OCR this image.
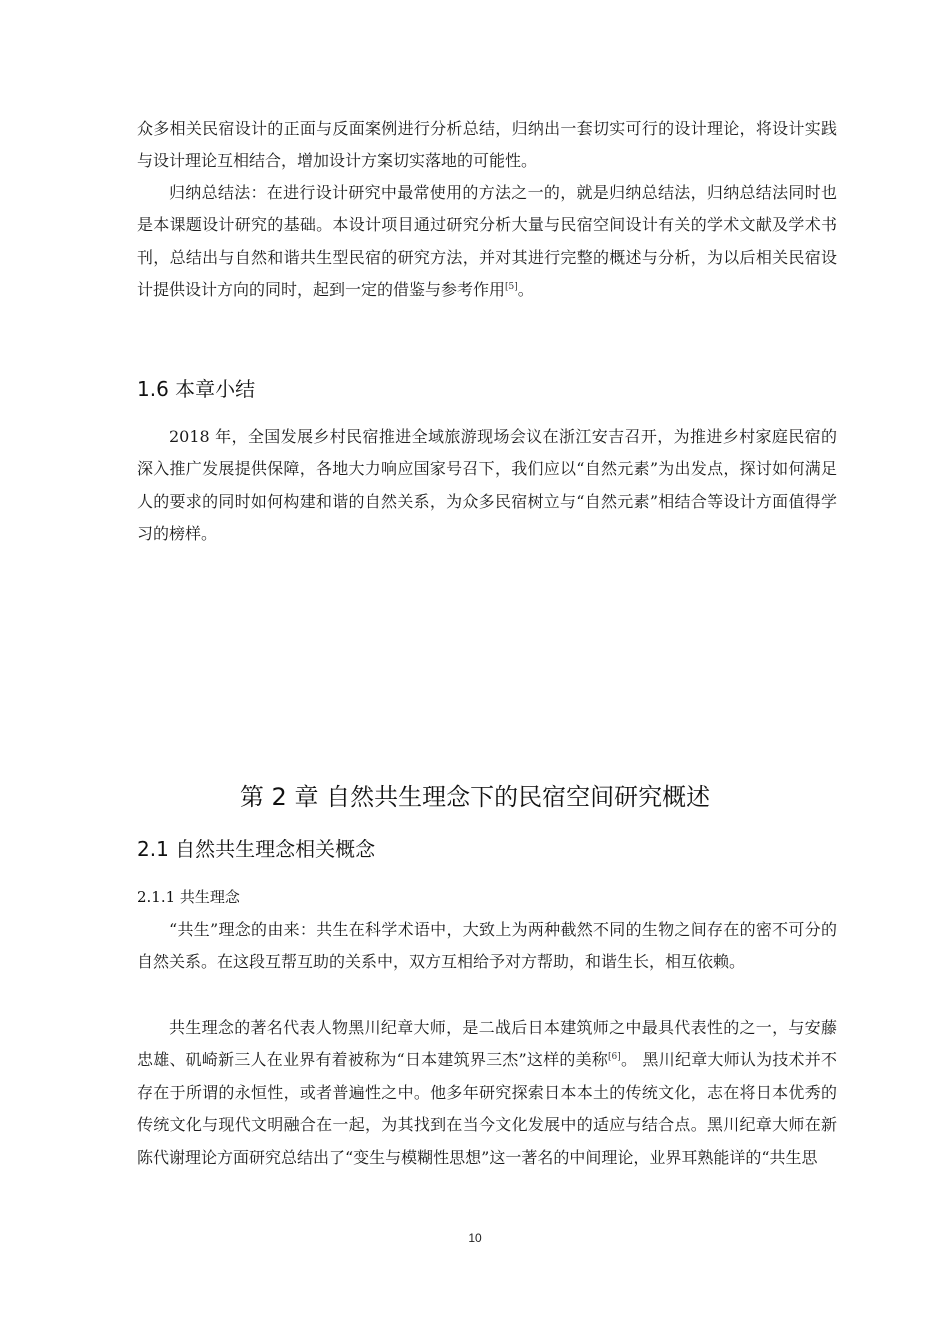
众多相关民宿设计的正面与反面案例进行分析总结，归纳出一套切实可行的设计理论，将设计实践与设计理论互相结合，增加设计方案切实落地的可能性。

归纳总结法：在进行设计研究中最常使用的方法之一的，就是归纳总结法，归纳总结法同时也是本课题设计研究的基础。本设计项目通过研究分析大量与民宿空间设计有关的学术文献及学术书刊，总结出与自然和谐共生型民宿的研究方法，并对其进行完整的概述与分析，为以后相关民宿设计提供设计方向的同时，起到一定的借鉴与参考作用[5]。

1.6 本章小结

2018 年，全国发展乡村民宿推进全域旅游现场会议在浙江安吉召开，为推进乡村家庭民宿的深入推广发展提供保障，各地大力响应国家号召下，我们应以“自然元素”为出发点，探讨如何满足人的要求的同时如何构建和谐的自然关系，为众多民宿树立与“自然元素”相结合等设计方面值得学习的榜样。

第 2 章 自然共生理念下的民宿空间研究概述
2.1 自然共生理念相关概念
2.1.1 共生理念

“共生”理念的由来：共生在科学术语中，大致上为两种截然不同的生物之间存在的密不可分的自然关系。在这段互帮互助的关系中，双方互相给予对方帮助，和谐生长，相互依赖。

共生理念的著名代表人物黑川纪章大师，是二战后日本建筑师之中最具代表性的之一，与安藤忠雄、矶崎新三人在业界有着被称为“日本建筑界三杰”这样的美称[6]。 黑川纪章大师认为技术并不存在于所谓的永恒性，或者普遍性之中。他多年研究探索日本本土的传统文化，志在将日本优秀的传统文化与现代文明融合在一起，为其找到在当今文化发展中的适应与结合点。黑川纪章大师在新陈代谢理论方面研究总结出了“变生与模糊性思想”这一著名的中间理论，业界耳熟能详的“共生思

10
